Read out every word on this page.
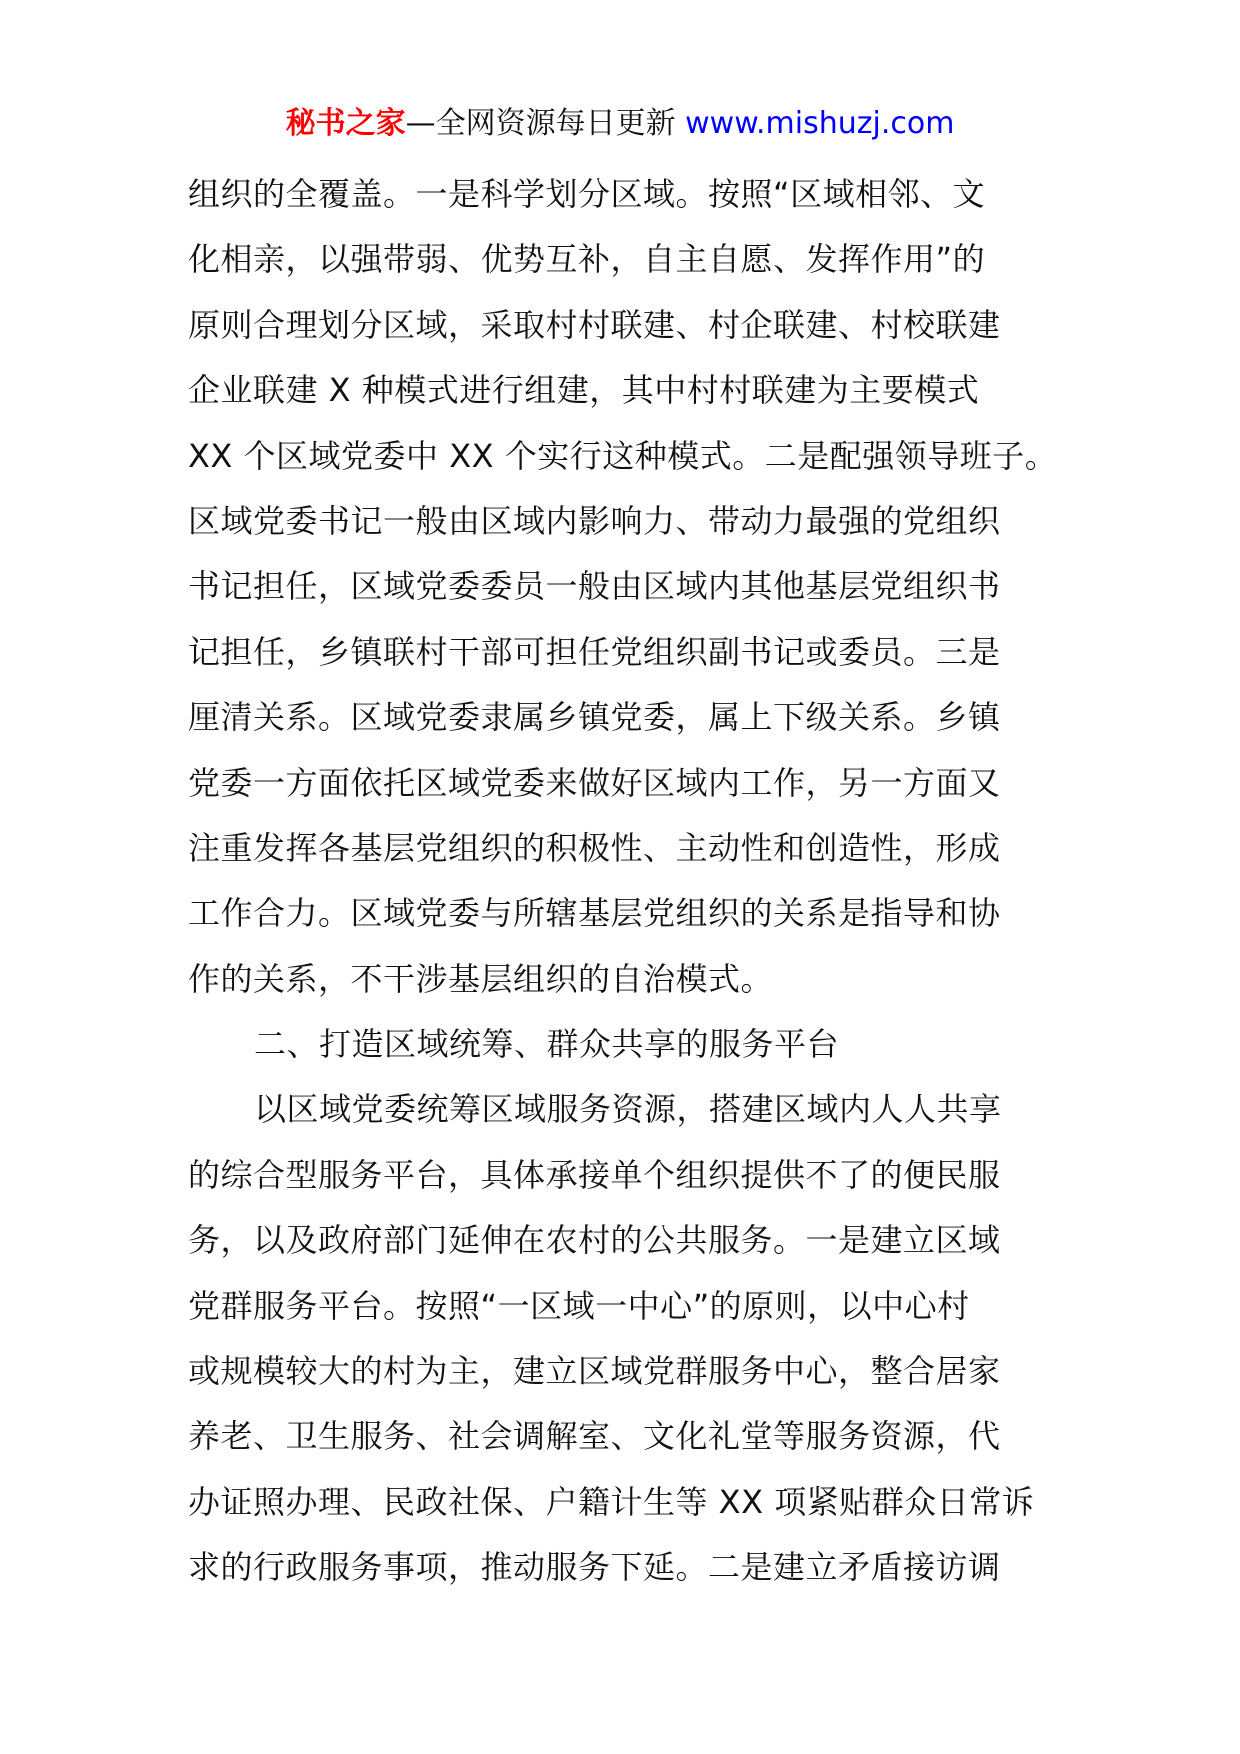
秘书之家—全网资源每日更新 www.mishuzj.com
组织的全覆盖。一是科学划分区域。按照“区域相邻、文
化相亲，以强带弱、优势互补，自主自愿、发挥作用”的
原则合理划分区域，采取村村联建、村企联建、村校联建
企业联建 X 种模式进行组建，其中村村联建为主要模式
XX 个区域党委中 XX 个实行这种模式。二是配强领导班子。
区域党委书记一般由区域内影响力、带动力最强的党组织
书记担任，区域党委委员一般由区域内其他基层党组织书
记担任，乡镇联村干部可担任党组织副书记或委员。三是
厘清关系。区域党委隶属乡镇党委，属上下级关系。乡镇
党委一方面依托区域党委来做好区域内工作，另一方面又
注重发挥各基层党组织的积极性、主动性和创造性，形成
工作合力。区域党委与所辖基层党组织的关系是指导和协
作的关系，不干涉基层组织的自治模式。
二、打造区域统筹、群众共享的服务平台
以区域党委统筹区域服务资源，搭建区域内人人共享
的综合型服务平台，具体承接单个组织提供不了的便民服
务，以及政府部门延伸在农村的公共服务。一是建立区域
党群服务平台。按照“一区域一中心”的原则，以中心村
或规模较大的村为主，建立区域党群服务中心，整合居家
养老、卫生服务、社会调解室、文化礼堂等服务资源，代
办证照办理、民政社保、户籍计生等 XX 项紧贴群众日常诉
求的行政服务事项，推动服务下延。二是建立矛盾接访调
